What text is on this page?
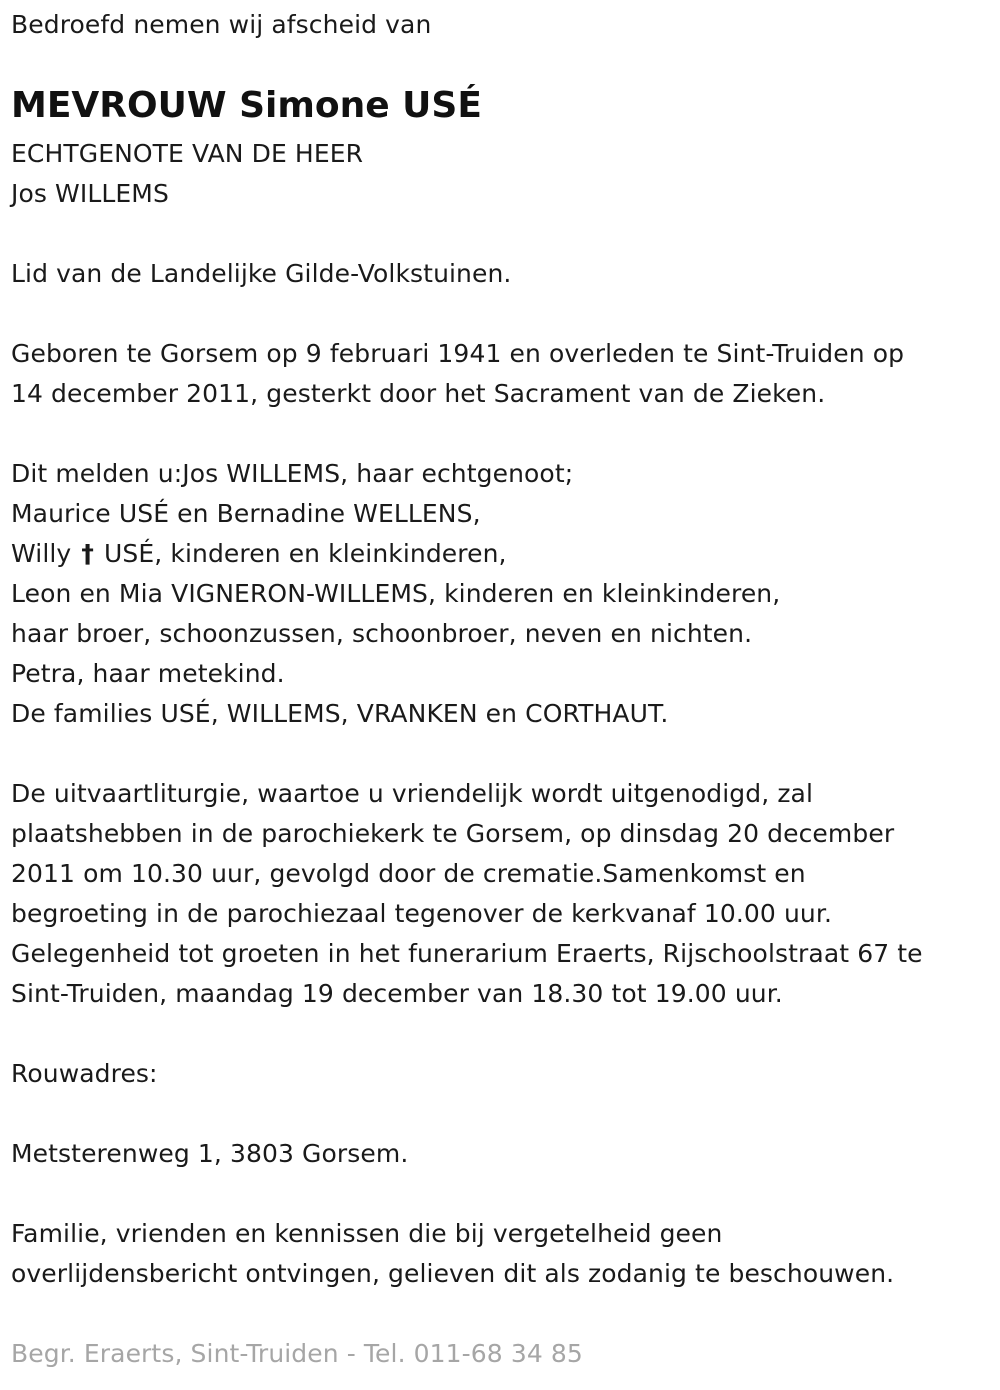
Bedroefd nemen wij afscheid van
MEVROUW Simone USÉ
ECHTGENOTE VAN DE HEER
Jos WILLEMS
Lid van de Landelijke Gilde-Volkstuinen.
Geboren te Gorsem op 9 februari 1941 en overleden te Sint-Truiden op
14 december 2011, gesterkt door het Sacrament van de Zieken.
Dit melden u:Jos WILLEMS, haar echtgenoot;
Maurice USÉ en Bernadine WELLENS,
Willy † USÉ, kinderen en kleinkinderen,
Leon en Mia VIGNERON-WILLEMS, kinderen en kleinkinderen,
haar broer, schoonzussen, schoonbroer, neven en nichten.
Petra, haar metekind.
De families USÉ, WILLEMS, VRANKEN en CORTHAUT.
De uitvaartliturgie, waartoe u vriendelijk wordt uitgenodigd, zal
plaatshebben in de parochiekerk te Gorsem, op dinsdag 20 december
2011 om 10.30 uur, gevolgd door de crematie.Samenkomst en
begroeting in de parochiezaal tegenover de kerkvanaf 10.00 uur.
Gelegenheid tot groeten in het funerarium Eraerts, Rijschoolstraat 67 te
Sint-Truiden, maandag 19 december van 18.30 tot 19.00 uur.
Rouwadres:
Metsterenweg 1, 3803 Gorsem.
Familie, vrienden en kennissen die bij vergetelheid geen
overlijdensbericht ontvingen, gelieven dit als zodanig te beschouwen.
Begr. Eraerts, Sint-Truiden - Tel. 011-68 34 85
